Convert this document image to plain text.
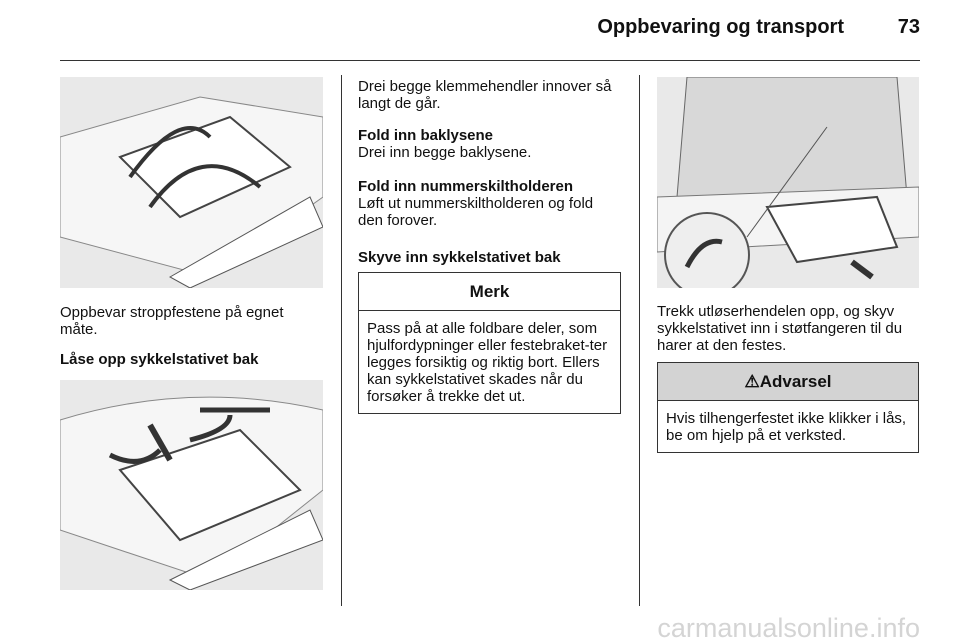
Oppbevaring og transport	73
Oppbevar stroppfestene på egnet måte.
Låse opp sykkelstativet bak
Drei begge klemmehendler innover så langt de går.
Fold inn baklysene
Drei inn begge baklysene.
Fold inn nummerskiltholderen
Løft ut nummerskiltholderen og fold den forover.
Skyve inn sykkelstativet bak
Merk
Pass på at alle foldbare deler, som hjulfordypninger eller festebraket-ter legges forsiktig og riktig bort. Ellers kan sykkelstativet skades når du forsøker å trekke det ut.
Trekk utløserhendelen opp, og skyv sykkelstativet inn i støtfangeren til du harer at den festes.
⚠Advarsel
Hvis tilhengerfestet ikke klikker i lås, be om hjelp på et verksted.
carmanualsonline.info
